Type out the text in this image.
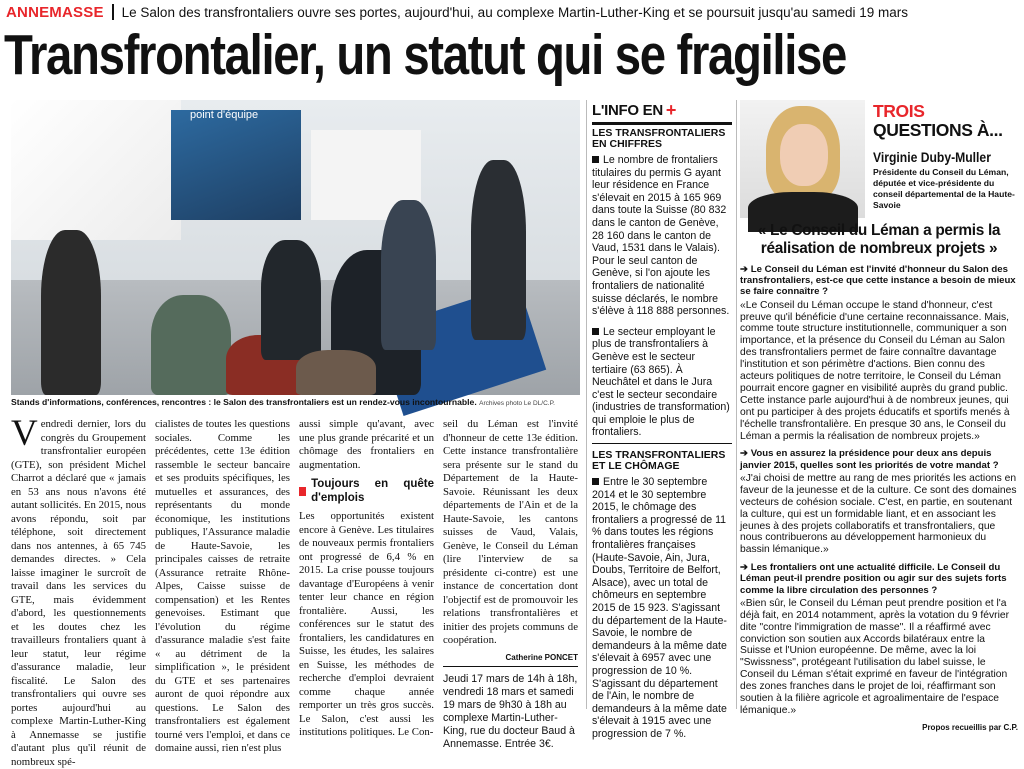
ANNEMASSE Le Salon des transfrontaliers ouvre ses portes, aujourd'hui, au complexe Martin-Luther-King et se poursuit jusqu'au samedi 19 mars
Transfrontalier, un statut qui se fragilise
point d'équipe
Stands d'informations, conférences, rencontres : le Salon des transfrontaliers est un rendez-vous incontournable. Archives photo Le DL/C.P.

Vendredi dernier, lors du congrès du Groupement transfrontalier européen (GTE), son président Michel Charrot a déclaré que « jamais en 53 ans nous n'avons été autant sollicités. En 2015, nous avons répondu, soit par téléphone, soit directement dans nos antennes, à 65 745 demandes directes. » Cela laisse imaginer le surcroît de travail dans les services du GTE, mais évidemment d'abord, les questionnements et les doutes chez les travailleurs frontaliers quant à leur statut, leur régime d'assurance maladie, leur fiscalité. Le Salon des transfrontaliers qui ouvre ses portes aujourd'hui au complexe Martin-Luther-King à Annemasse se justifie d'autant plus qu'il réunit de nombreux spé-

cialistes de toutes les questions sociales. Comme les précédentes, cette 13e édition rassemble le secteur bancaire et ses produits spécifiques, les mutuelles et assurances, des représentants du monde économique, les institutions publiques, l'Assurance maladie de Haute-Savoie, les principales caisses de retraite (Assurance retraite Rhône-Alpes, Caisse suisse de compensation) et les Rentes genevoises. Estimant que l'évolution du régime d'assurance maladie s'est faite « au détriment de la simplification », le président du GTE et ses partenaires auront de quoi répondre aux questions. Le Salon des transfrontaliers est également tourné vers l'emploi, et dans ce domaine aussi, rien n'est plus

aussi simple qu'avant, avec une plus grande précarité et un chômage des frontaliers en augmentation.

Toujours en quête d'emplois

Les opportunités existent encore à Genève. Les titulaires de nouveaux permis frontaliers ont progressé de 6,4 % en 2015. La crise pousse toujours davantage d'Européens à venir tenter leur chance en région frontalière. Aussi, les conférences sur le statut des frontaliers, les candidatures en Suisse, les études, les salaires en Suisse, les méthodes de recherche d'emploi devraient comme chaque année remporter un très gros succès. Le Salon, c'est aussi les institutions politiques. Le Con-

seil du Léman est l'invité d'honneur de cette 13e édition. Cette instance transfrontalière sera présente sur le stand du Département de la Haute-Savoie. Réunissant les deux départements de l'Ain et de la Haute-Savoie, les cantons suisses de Vaud, Valais, Genève, le Conseil du Léman (lire l'interview de sa présidente ci-contre) est une instance de concertation dont l'objectif est de promouvoir les relations transfrontalières et initier des projets communs de coopération.

Catherine PONCET

Jeudi 17 mars de 14h à 18h, vendredi 18 mars et samedi 19 mars de 9h30 à 18h au complexe Martin-Luther-King, rue du docteur Baud à Annemasse. Entrée 3€.

L'INFO EN +
LES TRANSFRONTALIERS EN CHIFFRES

Le nombre de frontaliers titulaires du permis G ayant leur résidence en France s'élevait en 2015 à 165 969 dans toute la Suisse (80 832 dans le canton de Genève, 28 160 dans le canton de Vaud, 1531 dans le Valais). Pour le seul canton de Genève, si l'on ajoute les frontaliers de nationalité suisse déclarés, le nombre s'élève à 118 888 personnes.

Le secteur employant le plus de transfrontaliers à Genève est le secteur tertiaire (63 865). À Neuchâtel et dans le Jura c'est le secteur secondaire (industries de transformation) qui emploie le plus de frontaliers.

LES TRANSFRONTALIERS ET LE CHÔMAGE

Entre le 30 septembre 2014 et le 30 septembre 2015, le chômage des frontaliers a progressé de 11 % dans toutes les régions frontalières françaises (Haute-Savoie, Ain, Jura, Doubs, Territoire de Belfort, Alsace), avec un total de chômeurs en septembre 2015 de 15 923. S'agissant du département de la Haute-Savoie, le nombre de demandeurs à la même date s'élevait à 6957 avec une progression de 10 %. S'agissant du département de l'Ain, le nombre de demandeurs à la même date s'élevait à 1915 avec une progression de 7 %.

TROIS
QUESTIONS À...
Virginie Duby-Muller
Présidente du Conseil du Léman, députée et vice-présidente du conseil départemental de la Haute-Savoie
« Le Conseil du Léman a permis la réalisation de nombreux projets »
➔ Le Conseil du Léman est l'invité d'honneur du Salon des transfrontaliers, est-ce que cette instance a besoin de mieux se faire connaître ?
«Le Conseil du Léman occupe le stand d'honneur, c'est preuve qu'il bénéficie d'une certaine reconnaissance. Mais, comme toute structure institutionnelle, communiquer a son importance, et la présence du Conseil du Léman au Salon des transfrontaliers permet de faire connaître davantage l'institution et son périmètre d'actions. Bien connu des acteurs politiques de notre territoire, le Conseil du Léman pourrait encore gagner en visibilité auprès du grand public. Cette instance parle aujourd'hui à de nombreux jeunes, qui ont pu participer à des projets éducatifs et sportifs menés à l'échelle transfrontalière. En presque 30 ans, le Conseil du Léman a permis la réalisation de nombreux projets.»
➔ Vous en assurez la présidence pour deux ans depuis janvier 2015, quelles sont les priorités de votre mandat ?
«J'ai choisi de mettre au rang de mes priorités les actions en faveur de la jeunesse et de la culture. Ce sont des domaines vecteurs de cohésion sociale. C'est, en partie, en soutenant la culture, qui est un formidable liant, et en associant les jeunes à des projets collaboratifs et transfrontaliers, que nous contribuerons au développement harmonieux du bassin lémanique.»
➔ Les frontaliers ont une actualité difficile. Le Conseil du Léman peut-il prendre position ou agir sur des sujets forts comme la libre circulation des personnes ?
«Bien sûr, le Conseil du Léman peut prendre position et l'a déjà fait, en 2014 notamment, après la votation du 9 février dite "contre l'immigration de masse". Il a réaffirmé avec conviction son soutien aux Accords bilatéraux entre la Suisse et l'Union européenne. De même, avec la loi "Swissness", protégeant l'utilisation du label suisse, le Conseil du Léman s'était exprimé en faveur de l'intégration des zones franches dans le projet de loi, réaffirmant son soutien à la filière agricole et agroalimentaire de l'espace lémanique.»
Propos recueillis par C.P.
